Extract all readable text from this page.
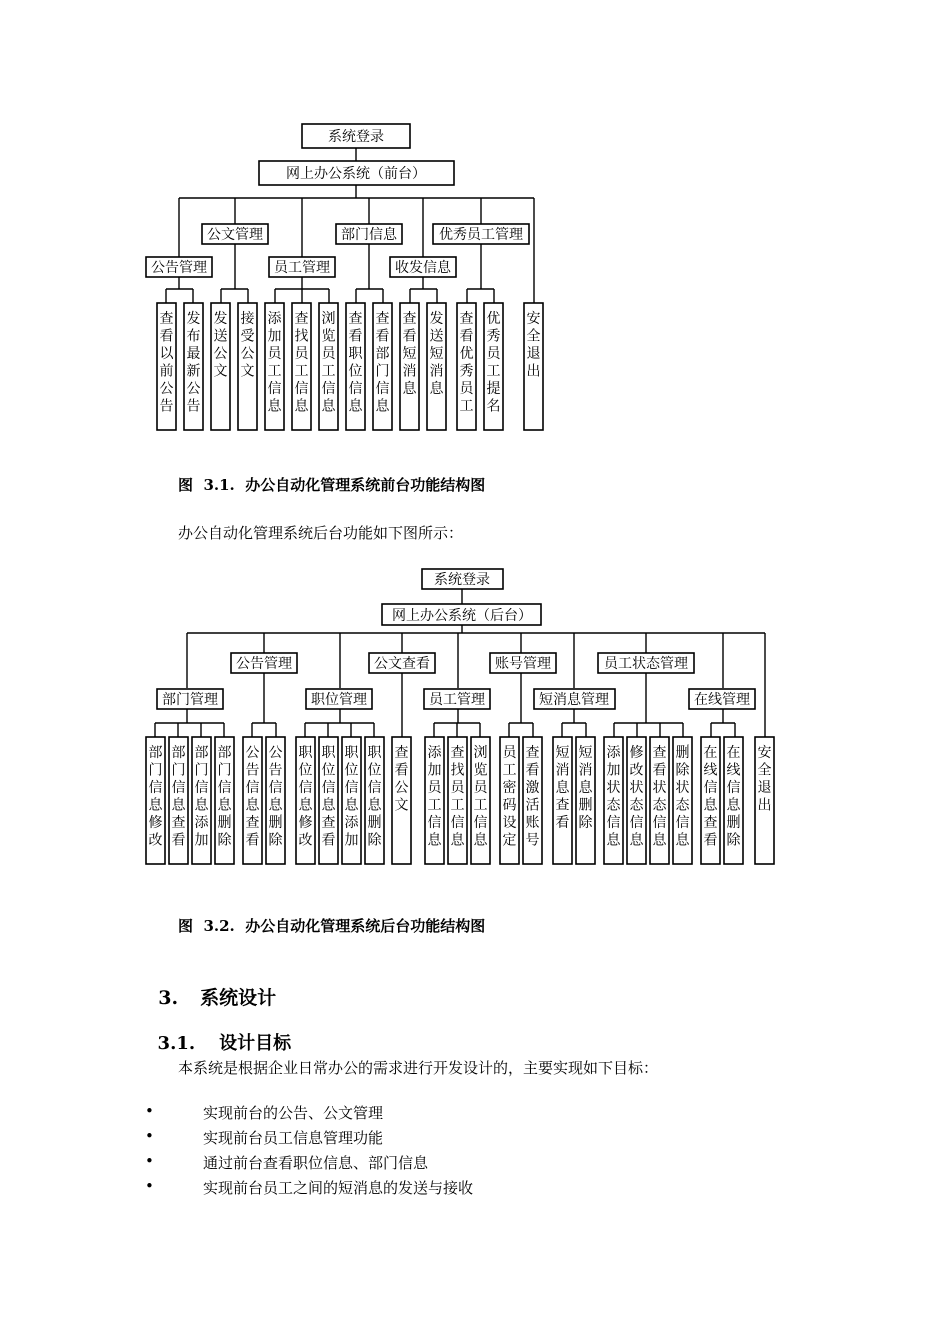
系统登录
网上办公系统（前台）
公文管理	部门信息	优秀员工管理
公告管理	员工管理	收发信息
查看以前公告
发布最新公告
发送公文
接受公文
添加员工信息
查找员工信息
浏览员工信息
查看职位信息
查看部门信息
查看短消息
发送短消息
查看优秀员工
优秀员工提名
安全退出
图  3.1.  办公自动化管理系统前台功能结构图
办公自动化管理系统后台功能如下图所示：
系统登录
网上办公系统（后台）
公告管理	公文查看	账号管理	员工状态管理
部门管理	职位管理	员工管理	短消息管理	在线管理
部门信息修改
部门信息查看
部门信息添加
部门信息删除
公告信息查看
公告信息删除
职位信息修改
职位信息查看
职位信息添加
职位信息删除
查看公文
添加员工信息
查找员工信息
浏览员工信息
员工密码设定
查看激活账号
短消息查看
短消息删除
添加状态信息
修改状态信息
查看状态信息
删除状态信息
在线信息查看
在线信息删除
安全退出
图  3.2.  办公自动化管理系统后台功能结构图

3. 系统设计

3.1. 设计目标

本系统是根据企业日常办公的需求进行开发设计的，主要实现如下目标：
•	实现前台的公告、公文管理
•	实现前台员工信息管理功能
•	通过前台查看职位信息、部门信息
•	实现前台员工之间的短消息的发送与接收
